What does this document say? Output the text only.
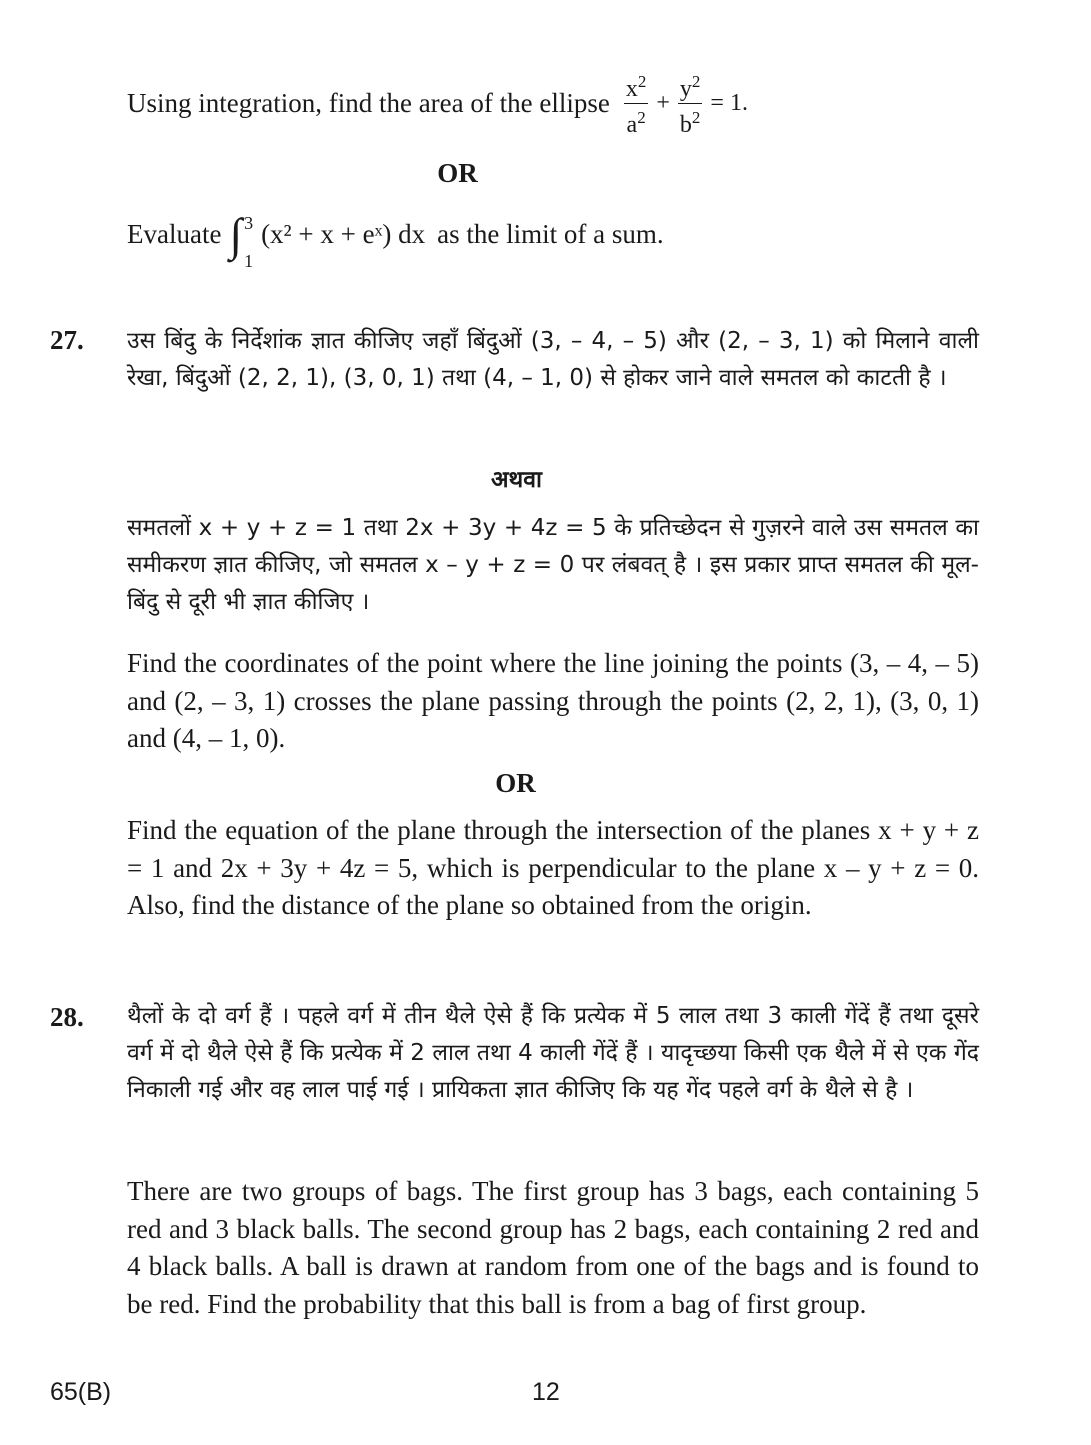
Using integration, find the area of the ellipse $\frac{x^2}{a^2} + \frac{y^2}{b^2} = 1$.
OR
Evaluate ∫ 3
1
(x² + x + eˣ) dx as the limit of a sum.
27. उस बिंदु के निर्देशांक ज्ञात कीजिए जहाँ बिंदुओं (3, – 4, – 5) और (2, – 3, 1) को मिलाने वाली रेखा, बिंदुओं (2, 2, 1), (3, 0, 1) तथा (4, – 1, 0) से होकर जाने वाले समतल को काटती है ।

अथवा

समतलों x + y + z = 1 तथा 2x + 3y + 4z = 5 के प्रतिच्छेदन से गुज़रने वाले उस समतल का समीकरण ज्ञात कीजिए, जो समतल x – y + z = 0 पर लंबवत् है । इस प्रकार प्राप्त समतल की मूल-बिंदु से दूरी भी ज्ञात कीजिए ।

Find the coordinates of the point where the line joining the points (3, – 4, – 5) and (2, – 3, 1) crosses the plane passing through the points (2, 2, 1), (3, 0, 1) and (4, – 1, 0).

OR

Find the equation of the plane through the intersection of the planes x + y + z = 1 and 2x + 3y + 4z = 5, which is perpendicular to the plane x – y + z = 0. Also, find the distance of the plane so obtained from the origin.

28. थैलों के दो वर्ग हैं । पहले वर्ग में तीन थैले ऐसे हैं कि प्रत्येक में 5 लाल तथा 3 काली गेंदें हैं तथा दूसरे वर्ग में दो थैले ऐसे हैं कि प्रत्येक में 2 लाल तथा 4 काली गेंदें हैं । यादृच्छया किसी एक थैले में से एक गेंद निकाली गई और वह लाल पाई गई । प्रायिकता ज्ञात कीजिए कि यह गेंद पहले वर्ग के थैले से है ।

There are two groups of bags. The first group has 3 bags, each containing 5 red and 3 black balls. The second group has 2 bags, each containing 2 red and 4 black balls. A ball is drawn at random from one of the bags and is found to be red. Find the probability that this ball is from a bag of first group.

65(B)	12
